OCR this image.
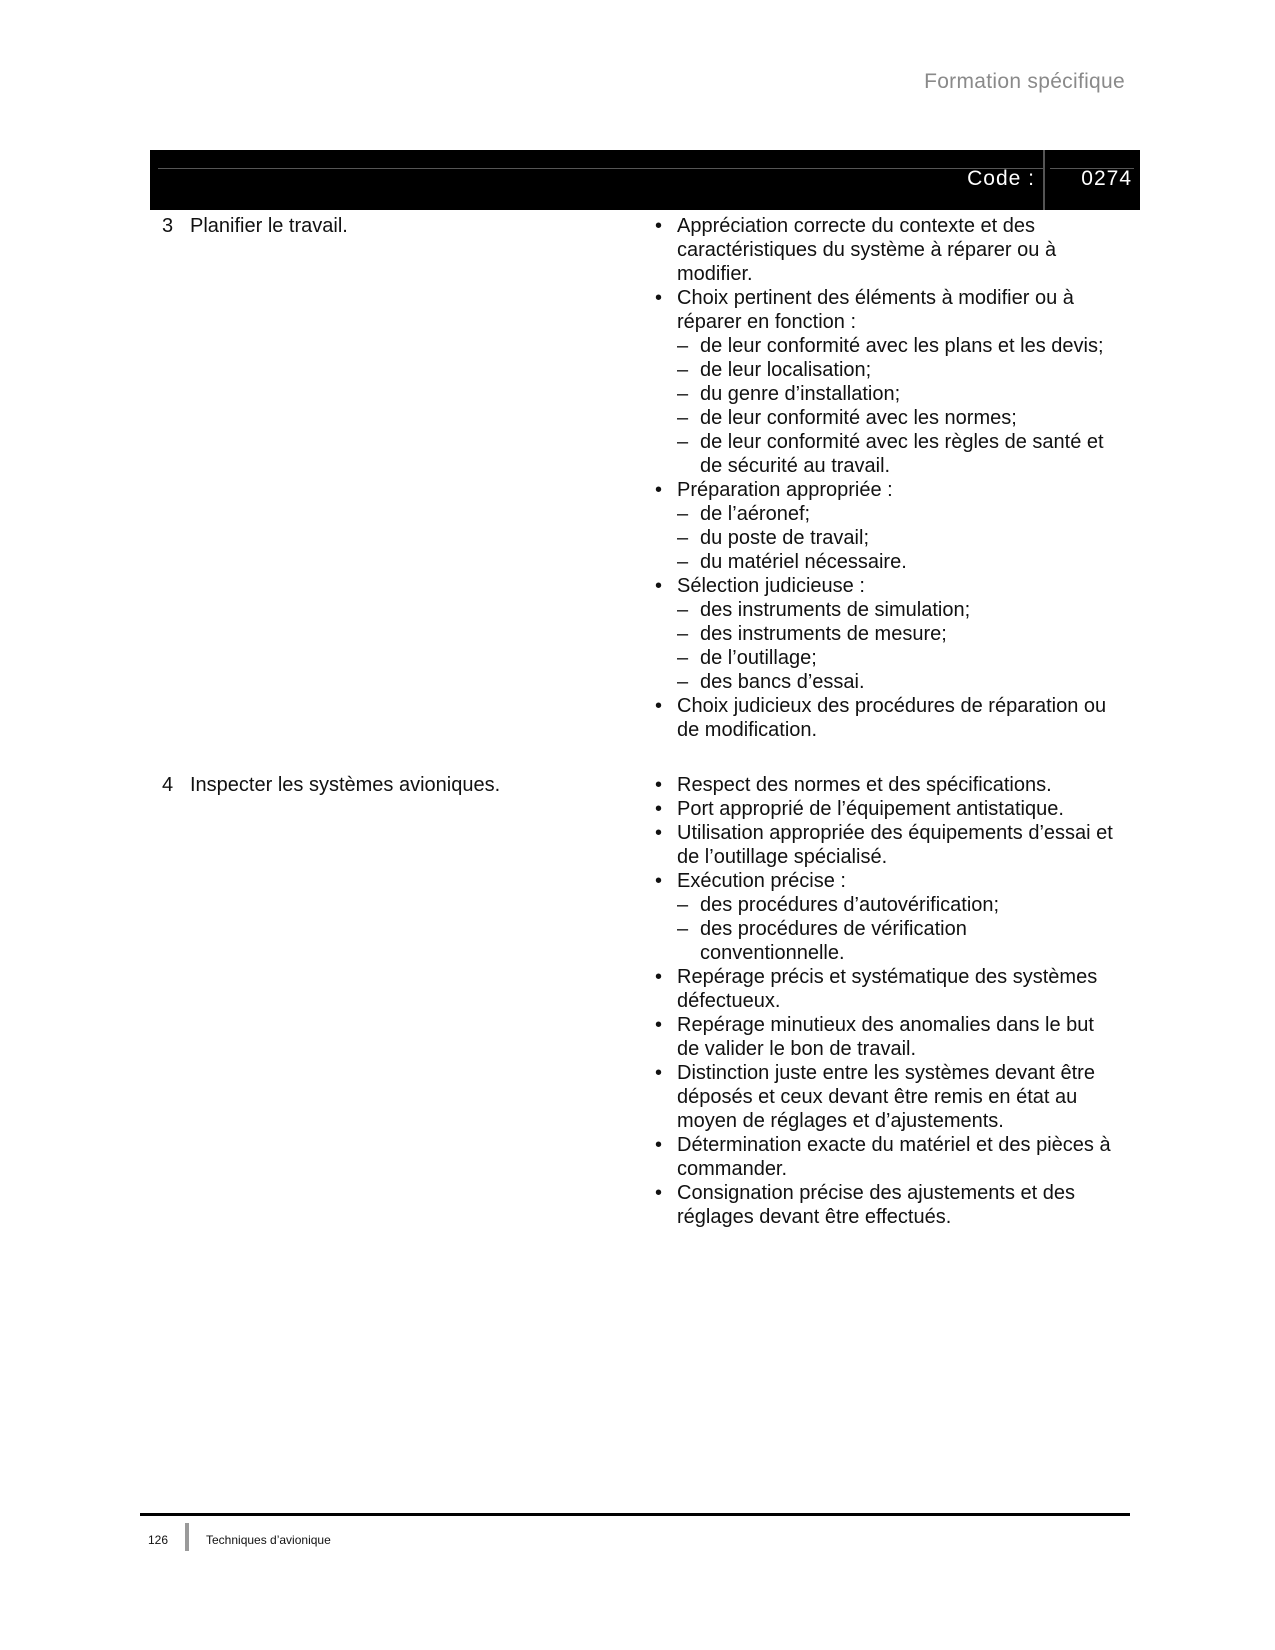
Formation spécifique
Code : 0274
3 Planifier le travail.	• Appréciation correcte du contexte et des caractéristiques du système à réparer ou à modifier.
• Choix pertinent des éléments à modifier ou à réparer en fonction :
– de leur conformité avec les plans et les devis;
– de leur localisation;
– du genre d’installation;
– de leur conformité avec les normes;
– de leur conformité avec les règles de santé et de sécurité au travail.
• Préparation appropriée :
– de l’aéronef;
– du poste de travail;
– du matériel nécessaire.
• Sélection judicieuse :
– des instruments de simulation;
– des instruments de mesure;
– de l’outillage;
– des bancs d’essai.
• Choix judicieux des procédures de réparation ou de modification.
4 Inspecter les systèmes avioniques.	• Respect des normes et des spécifications.
• Port approprié de l’équipement antistatique.
• Utilisation appropriée des équipements d’essai et de l’outillage spécialisé.
• Exécution précise :
– des procédures d’autovérification;
– des procédures de vérification conventionnelle.
• Repérage précis et systématique des systèmes défectueux.
• Repérage minutieux des anomalies dans le but de valider le bon de travail.
• Distinction juste entre les systèmes devant être déposés et ceux devant être remis en état au moyen de réglages et d’ajustements.
• Détermination exacte du matériel et des pièces à commander.
• Consignation précise des ajustements et des réglages devant être effectués.
126	Techniques d’avionique
